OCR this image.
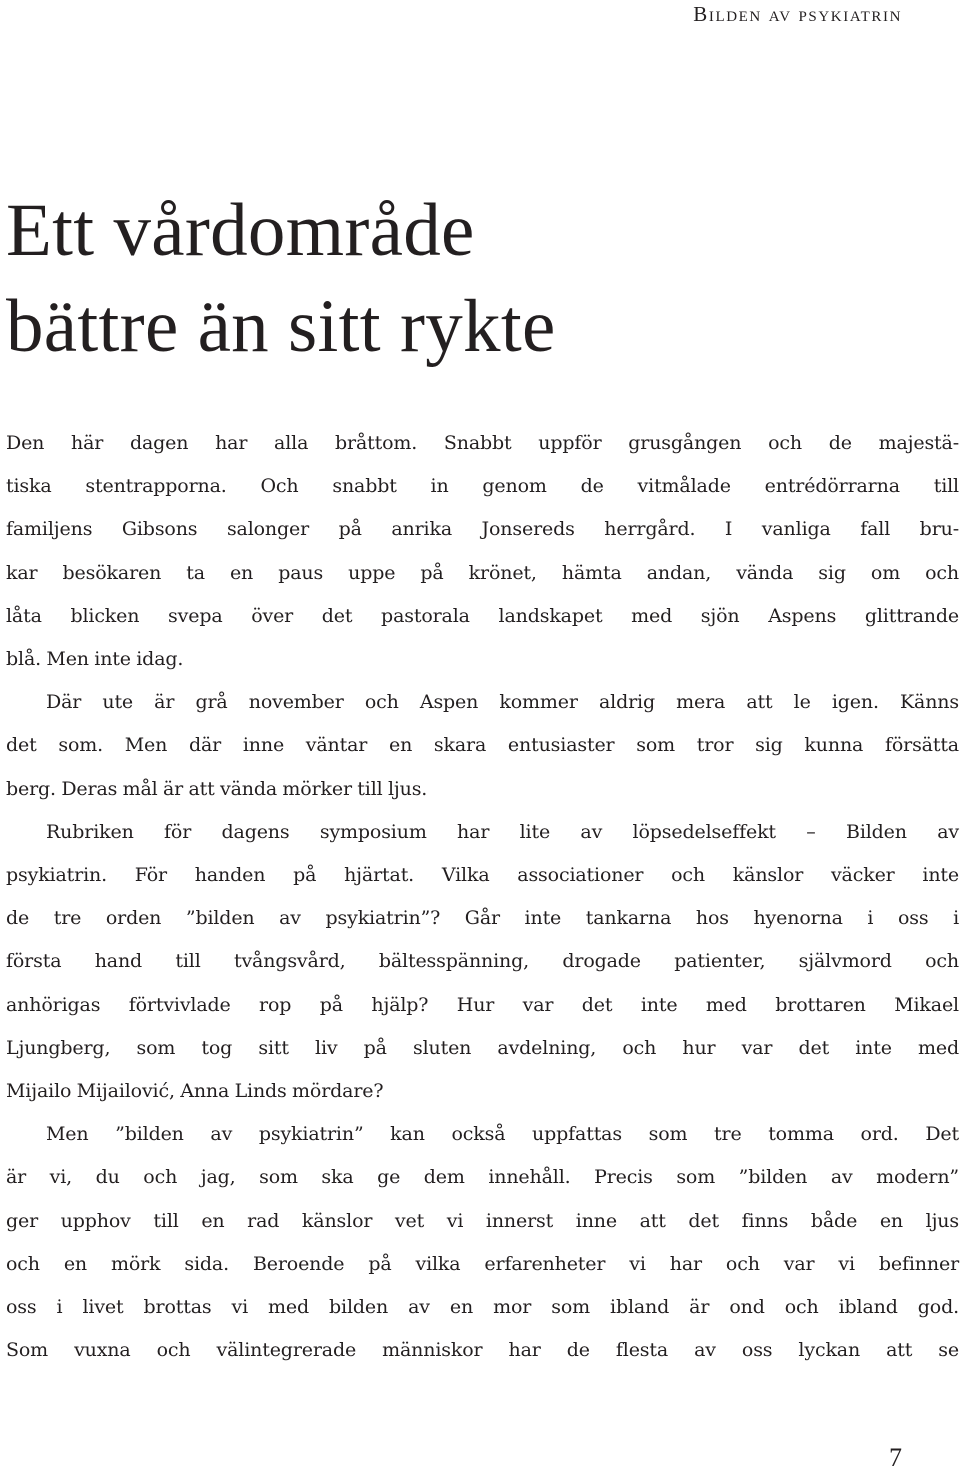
Bilden av psykiatrin
Ett vårdområde
bättre än sitt rykte
Den här dagen har alla bråttom. Snabbt uppför grusgången och de majestä-
tiska stentrapporna. Och snabbt in genom de vitmålade entrédörrarna till
familjens Gibsons salonger på anrika Jonsereds herrgård. I vanliga fall bru-
kar besökaren ta en paus uppe på krönet, hämta andan, vända sig om och
låta blicken svepa över det pastorala landskapet med sjön Aspens glittrande
blå. Men inte idag.
Där ute är grå november och Aspen kommer aldrig mera att le igen. Känns
det som. Men där inne väntar en skara entusiaster som tror sig kunna försätta
berg. Deras mål är att vända mörker till ljus.
Rubriken för dagens symposium har lite av löpsedelseffekt – Bilden av
psykiatrin. För handen på hjärtat. Vilka associationer och känslor väcker inte
de tre orden ”bilden av psykiatrin”? Går inte tankarna hos hyenorna i oss i
första hand till tvångsvård, bältesspänning, drogade patienter, självmord och
anhörigas förtvivlade rop på hjälp? Hur var det inte med brottaren Mikael
Ljungberg, som tog sitt liv på sluten avdelning, och hur var det inte med
Mijailo Mijailović, Anna Linds mördare?
Men ”bilden av psykiatrin” kan också uppfattas som tre tomma ord. Det
är vi, du och jag, som ska ge dem innehåll. Precis som ”bilden av modern”
ger upphov till en rad känslor vet vi innerst inne att det finns både en ljus
och en mörk sida. Beroende på vilka erfarenheter vi har och var vi befinner
oss i livet brottas vi med bilden av en mor som ibland är ond och ibland god.
Som vuxna och välintegrerade människor har de flesta av oss lyckan att se
7
